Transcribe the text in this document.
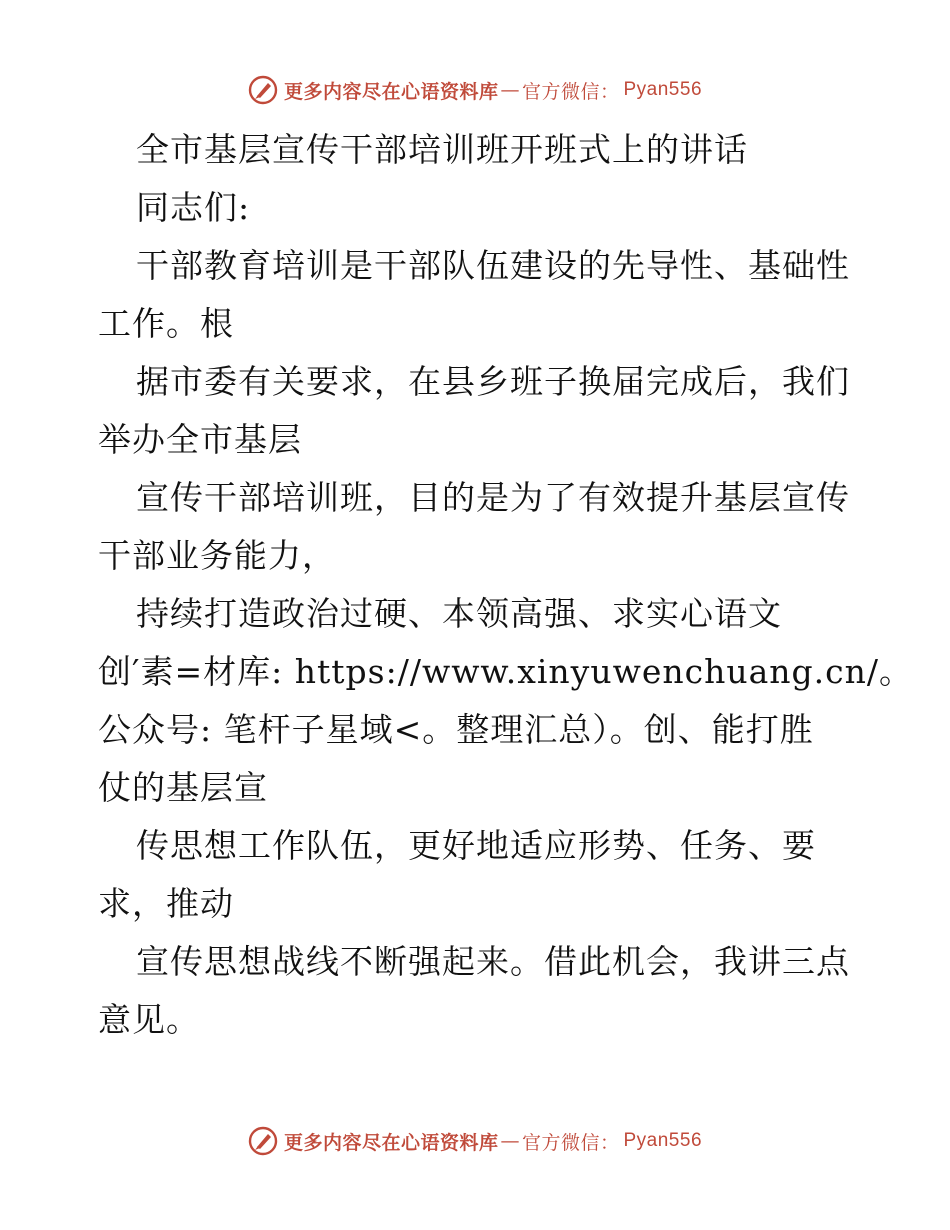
更多内容尽在心语资料库 — 官方微信： Pyan556
全市基层宣传干部培训班开班式上的讲话
同志们:
干部教育培训是干部队伍建设的先导性、基础性
工作。根
据市委有关要求，在县乡班子换届完成后，我们
举办全市基层
宣传干部培训班，目的是为了有效提升基层宣传
干部业务能力，
持续打造政治过硬、本领高强、求实心语文
创′素=材库: https://www.xinyuwenchuang.cn/。
公众号: 笔杆子星域<。整理汇总）。创、能打胜
仗的基层宣
传思想工作队伍，更好地适应形势、任务、要
求，推动
宣传思想战线不断强起来。借此机会，我讲三点
意见。
更多内容尽在心语资料库 — 官方微信： Pyan556
